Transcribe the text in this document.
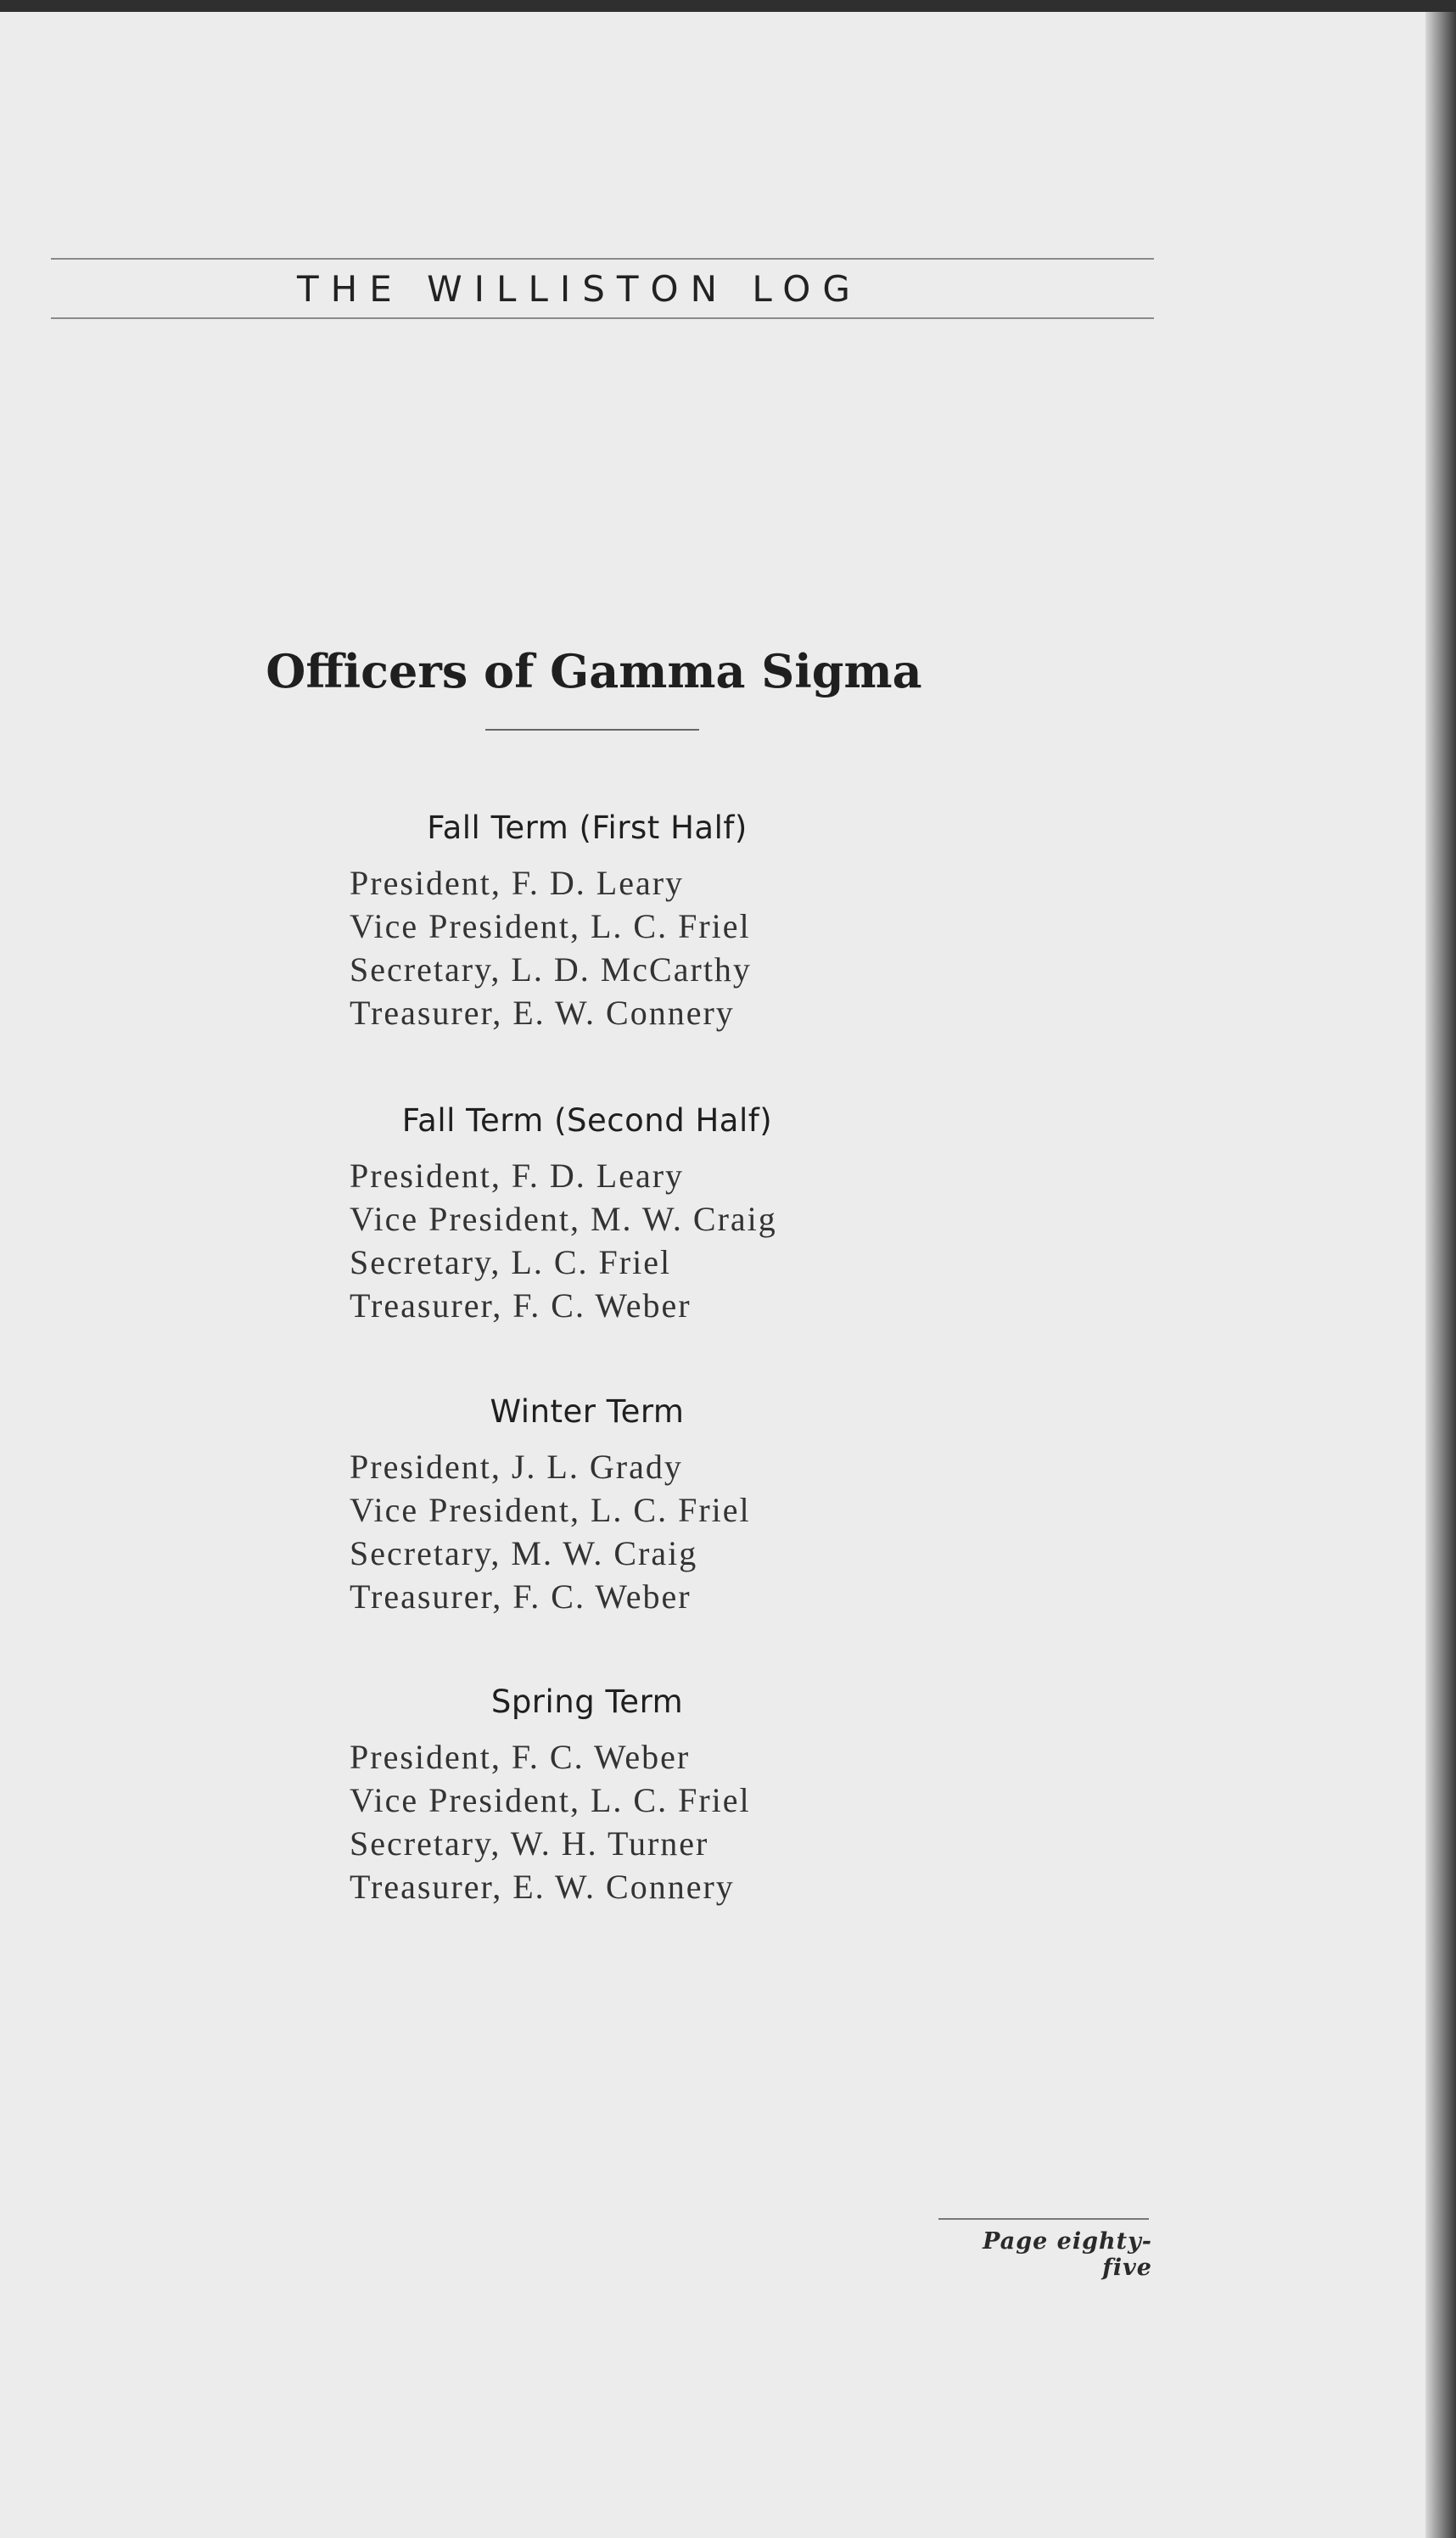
THE WILLISTON LOG
Officers of Gamma Sigma
Fall Term (First Half)
President, F. D. Leary
Vice President, L. C. Friel
Secretary, L. D. McCarthy
Treasurer, E. W. Connery
Fall Term (Second Half)
President, F. D. Leary
Vice President, M. W. Craig
Secretary, L. C. Friel
Treasurer, F. C. Weber
Winter Term
President, J. L. Grady
Vice President, L. C. Friel
Secretary, M. W. Craig
Treasurer, F. C. Weber
Spring Term
President, F. C. Weber
Vice President, L. C. Friel
Secretary, W. H. Turner
Treasurer, E. W. Connery
Page eighty-five
